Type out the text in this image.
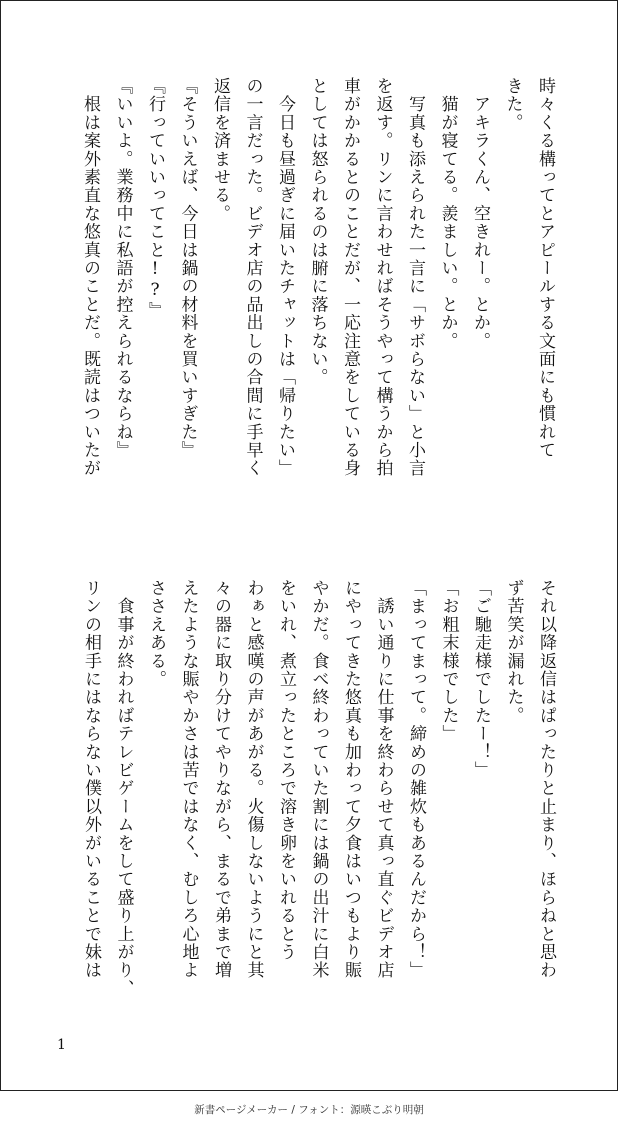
時々くる構ってとアピールする文面にも慣れて

きた。

　アキラくん、空きれー。とか。

　猫が寝てる。羨ましい。とか。

　写真も添えられた一言に「サボらない」と小言

を返す。リンに言わせればそうやって構うから拍

車がかかるとのことだが、一応注意をしている身

としては怒られるのは腑に落ちない。

　今日も昼過ぎに届いたチャットは「帰りたい」

の一言だった。ビデオ店の品出しの合間に手早く

返信を済ませる。

『そういえば、今日は鍋の材料を買いすぎた』

『行っていいってこと!?』

『いいよ。業務中に私語が控えられるならね』

　根は案外素直な悠真のことだ。既読はついたが

それ以降返信はぱったりと止まり、ほらねと思わ

ず苦笑が漏れた。

「ご馳走様でしたー！」

「お粗末様でした」

「まってまって。締めの雑炊もあるんだから！」

　誘い通りに仕事を終わらせて真っ直ぐビデオ店

にやってきた悠真も加わって夕食はいつもより賑

やかだ。食べ終わっていた割には鍋の出汁に白米

をいれ、煮立ったところで溶き卵をいれるとう

わぁと感嘆の声があがる。火傷しないようにと其

々の器に取り分けてやりながら、まるで弟まで増

えたような賑やかさは苦ではなく、むしろ心地よ

ささえある。

　食事が終わればテレビゲームをして盛り上がり、

リンの相手にはならない僕以外がいることで妹は

1
新書ページメーカー / フォント：源暎こぶり明朝
